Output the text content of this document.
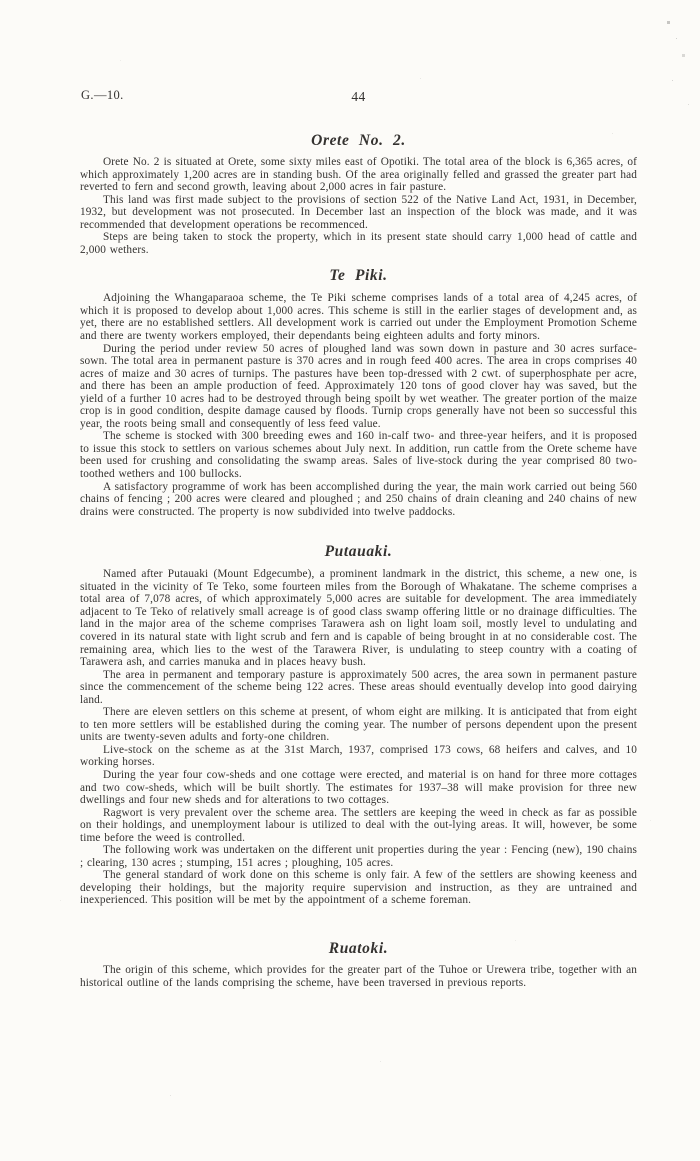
G.—10.	44
Orete No. 2.

Orete No. 2 is situated at Orete, some sixty miles east of Opotiki. The total area of the block is 6,365 acres, of which approximately 1,200 acres are in standing bush. Of the area originally felled and grassed the greater part had reverted to fern and second growth, leaving about 2,000 acres in fair pasture.

This land was first made subject to the provisions of section 522 of the Native Land Act, 1931, in December, 1932, but development was not prosecuted. In December last an inspection of the block was made, and it was recommended that development operations be recommenced.

Steps are being taken to stock the property, which in its present state should carry 1,000 head of cattle and 2,000 wethers.

Te Piki.

Adjoining the Whangaparaoa scheme, the Te Piki scheme comprises lands of a total area of 4,245 acres, of which it is proposed to develop about 1,000 acres. This scheme is still in the earlier stages of development and, as yet, there are no established settlers. All development work is carried out under the Employment Promotion Scheme and there are twenty workers employed, their dependants being eighteen adults and forty minors.

During the period under review 50 acres of ploughed land was sown down in pasture and 30 acres surface-sown. The total area in permanent pasture is 370 acres and in rough feed 400 acres. The area in crops comprises 40 acres of maize and 30 acres of turnips. The pastures have been top-dressed with 2 cwt. of superphosphate per acre, and there has been an ample production of feed. Approximately 120 tons of good clover hay was saved, but the yield of a further 10 acres had to be destroyed through being spoilt by wet weather. The greater portion of the maize crop is in good condition, despite damage caused by floods. Turnip crops generally have not been so successful this year, the roots being small and consequently of less feed value.

The scheme is stocked with 300 breeding ewes and 160 in-calf two- and three-year heifers, and it is proposed to issue this stock to settlers on various schemes about July next. In addition, run cattle from the Orete scheme have been used for crushing and consolidating the swamp areas. Sales of live-stock during the year comprised 80 two-toothed wethers and 100 bullocks.

A satisfactory programme of work has been accomplished during the year, the main work carried out being 560 chains of fencing ; 200 acres were cleared and ploughed ; and 250 chains of drain cleaning and 240 chains of new drains were constructed. The property is now subdivided into twelve paddocks.

Putauaki.

Named after Putauaki (Mount Edgecumbe), a prominent landmark in the district, this scheme, a new one, is situated in the vicinity of Te Teko, some fourteen miles from the Borough of Whakatane. The scheme comprises a total area of 7,078 acres, of which approximately 5,000 acres are suitable for development. The area immediately adjacent to Te Teko of relatively small acreage is of good class swamp offering little or no drainage difficulties. The land in the major area of the scheme comprises Tarawera ash on light loam soil, mostly level to undulating and covered in its natural state with light scrub and fern and is capable of being brought in at no considerable cost. The remaining area, which lies to the west of the Tarawera River, is undulating to steep country with a coating of Tarawera ash, and carries manuka and in places heavy bush.

The area in permanent and temporary pasture is approximately 500 acres, the area sown in permanent pasture since the commencement of the scheme being 122 acres. These areas should eventually develop into good dairying land.

There are eleven settlers on this scheme at present, of whom eight are milking. It is anticipated that from eight to ten more settlers will be established during the coming year. The number of persons dependent upon the present units are twenty-seven adults and forty-one children.

Live-stock on the scheme as at the 31st March, 1937, comprised 173 cows, 68 heifers and calves, and 10 working horses.

During the year four cow-sheds and one cottage were erected, and material is on hand for three more cottages and two cow-sheds, which will be built shortly. The estimates for 1937–38 will make provision for three new dwellings and four new sheds and for alterations to two cottages.

Ragwort is very prevalent over the scheme area. The settlers are keeping the weed in check as far as possible on their holdings, and unemployment labour is utilized to deal with the out-lying areas. It will, however, be some time before the weed is controlled.

The following work was undertaken on the different unit properties during the year : Fencing (new), 190 chains ; clearing, 130 acres ; stumping, 151 acres ; ploughing, 105 acres.

The general standard of work done on this scheme is only fair. A few of the settlers are showing keeness and developing their holdings, but the majority require supervision and instruction, as they are untrained and inexperienced. This position will be met by the appointment of a scheme foreman.

Ruatoki.

The origin of this scheme, which provides for the greater part of the Tuhoe or Urewera tribe, together with an historical outline of the lands comprising the scheme, have been traversed in previous reports.
